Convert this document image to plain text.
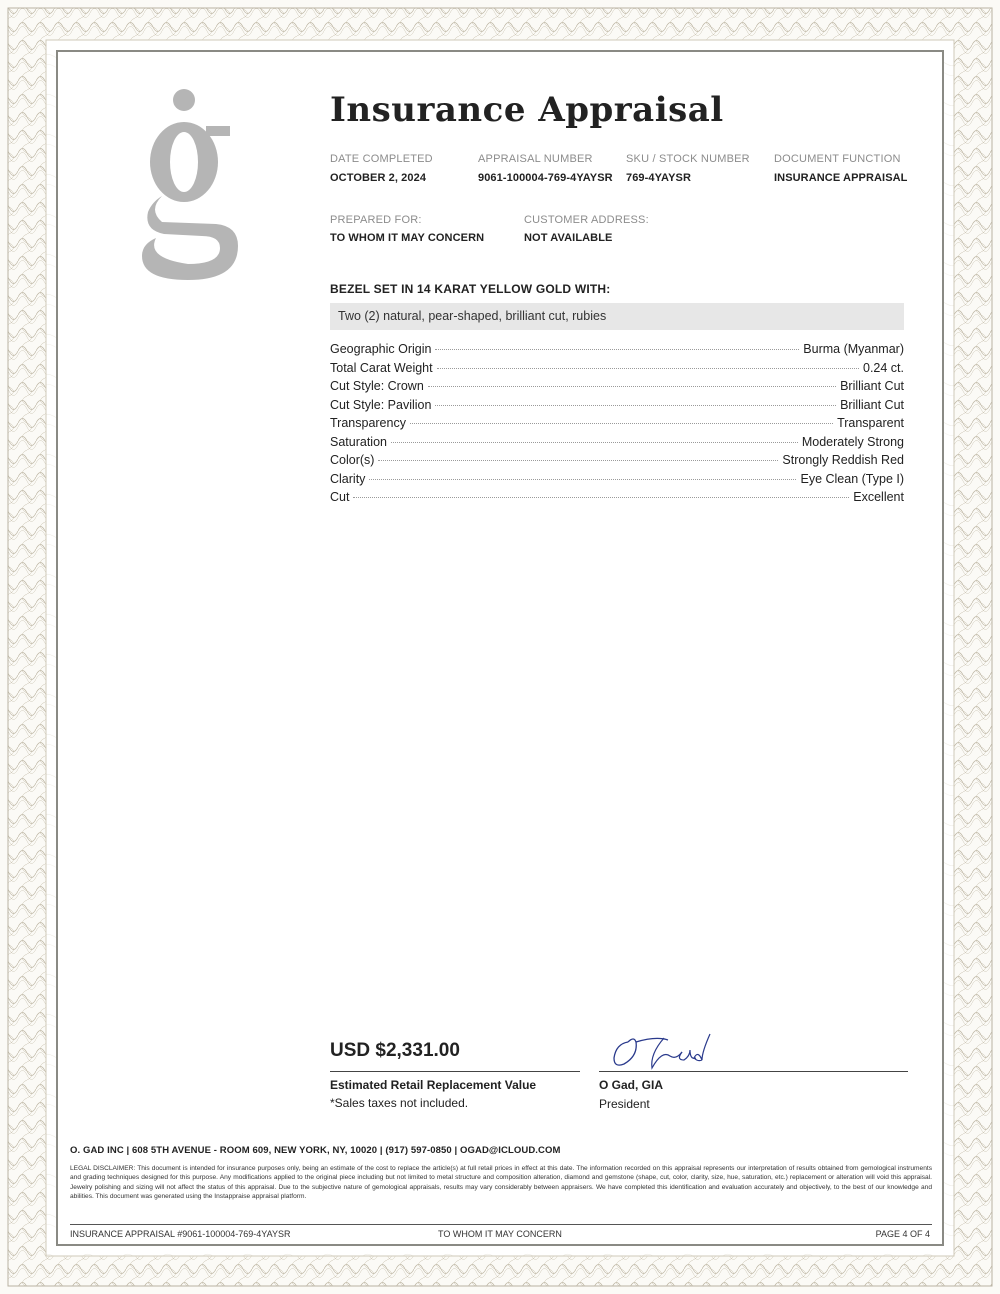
Insurance Appraisal
DATE COMPLETED
OCTOBER 2, 2024
APPRAISAL NUMBER
9061-100004-769-4YAYSR
SKU / STOCK NUMBER
769-4YAYSR
DOCUMENT FUNCTION
INSURANCE APPRAISAL
PREPARED FOR:
TO WHOM IT MAY CONCERN
CUSTOMER ADDRESS:
NOT AVAILABLE
BEZEL SET IN 14 KARAT YELLOW GOLD WITH:
Two (2) natural, pear-shaped, brilliant cut, rubies
Geographic Origin	Burma (Myanmar)
Total Carat Weight	0.24 ct.
Cut Style: Crown	Brilliant Cut
Cut Style: Pavilion	Brilliant Cut
Transparency	Transparent
Saturation	Moderately Strong
Color(s)	Strongly Reddish Red
Clarity	Eye Clean (Type I)
Cut	Excellent
USD $2,331.00
Estimated Retail Replacement Value
*Sales taxes not included.
O Gad, GIA
President
O. GAD INC | 608 5TH AVENUE - ROOM 609, NEW YORK, NY, 10020 | (917) 597-0850 | OGAD@ICLOUD.COM
LEGAL DISCLAIMER: This document is intended for insurance purposes only, being an estimate of the cost to replace the article(s) at full retail prices in effect at this date. The information recorded on this appraisal represents our interpretation of results obtained from gemological instruments and grading techniques designed for this purpose. Any modifications applied to the original piece including but not limited to metal structure and composition alteration, diamond and gemstone (shape, cut, color, clarity, size, hue, saturation, etc.) replacement or alteration will void this appraisal. Jewelry polishing and sizing will not affect the status of this appraisal. Due to the subjective nature of gemological appraisals, results may vary considerably between appraisers. We have completed this identification and evaluation accurately and objectively, to the best of our knowledge and abilities. This document was generated using the Instappraise appraisal platform.
INSURANCE APPRAISAL #9061-100004-769-4YAYSR	TO WHOM IT MAY CONCERN	PAGE 4 OF 4
